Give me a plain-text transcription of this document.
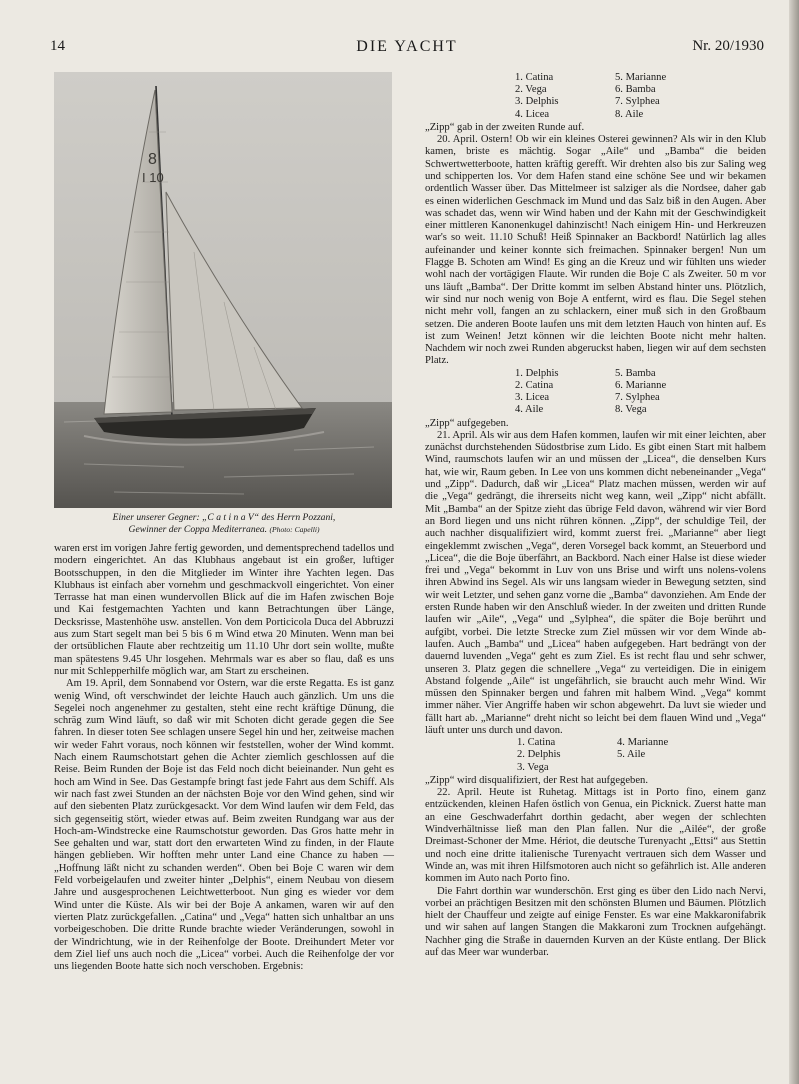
14	DIE YACHT	Nr. 20/1930
8
I 10
Einer unserer Gegner: „C a t i n a V“ des Herrn Pozzani,
Gewinner der Coppa Mediterranea. (Photo: Capelli)

waren erst im vorigen Jahre fertig geworden, und dementsprechend tadellos und modern eingerichtet. An das Klubhaus angebaut ist ein großer, luftiger Bootsschuppen, in den die Mitglieder im Winter ihre Yachten legen. Das Klubhaus ist einfach aber vornehm und geschmackvoll eingerichtet. Von einer Terrasse hat man einen wundervollen Blick auf die im Hafen zwischen Boje und Kai festgemachten Yachten und kann Betrachtungen über Länge, Decksrisse, Mastenhöhe usw. anstellen. Von dem Porticicola Duca del Abbruzzi aus zum Start segelt man bei 5 bis 6 m Wind etwa 20 Minuten. Wenn man bei der ortsüblichen Flaute aber rechtzeitig um 11.10 Uhr dort sein wollte, mußte man spätestens 9.45 Uhr losgehen. Mehrmals war es aber so flau, daß es uns nur mit Schlepperhilfe möglich war, am Start zu erscheinen.

Am 19. April, dem Sonnabend vor Ostern, war die erste Regatta. Es ist ganz wenig Wind, oft verschwindet der leichte Hauch auch gänzlich. Um uns die Segelei noch angenehmer zu gestalten, steht eine recht kräftige Dünung, die schräg zum Wind läuft, so daß wir mit Schoten dicht gerade gegen die See fahren. In dieser toten See schlagen unsere Segel hin und her, zeitweise machen wir weder Fahrt voraus, noch können wir feststellen, woher der Wind kommt. Nach einem Raumschotstart gehen die Achter ziemlich geschlossen auf die Reise. Beim Runden der Boje ist das Feld noch dicht beieinander. Nun geht es hoch am Wind in See. Das Gestampfe bringt fast jede Fahrt aus dem Schiff. Als wir nach fast zwei Stunden an der nächsten Boje vor den Wind gehen, sind wir auf den siebenten Platz zurückgesackt. Vor dem Wind laufen wir dem Feld, das sich gegenseitig stört, wieder etwas auf. Beim zweiten Rundgang war aus der Hoch-am-Windstrecke eine Raumschotstur geworden. Das Gros hatte mehr in See gehalten und war, statt dort den erwarteten Wind zu finden, in der Flaute hängen geblieben. Wir hofften mehr unter Land eine Chance zu haben — „Hoffnung läßt nicht zu schanden werden“. Oben bei Boje C waren wir dem Feld vorbeigelaufen und zweiter hinter „Delphis“, einem Neubau von diesem Jahre und ausgesprochenen Leichtwetterboot. Nun ging es wieder vor dem Wind unter die Küste. Als wir bei der Boje A ankamen, waren wir auf den vierten Platz zurückgefallen. „Catina“ und „Vega“ hatten sich unhaltbar an uns vorbeigeschoben. Die dritte Runde brachte wieder Veränderungen, sowohl in der Windrichtung, wie in der Reihenfolge der Boote. Dreihundert Meter vor dem Ziel lief uns auch noch die „Licea“ vorbei. Auch die Reihenfolge der vor uns liegenden Boote hatte sich noch verschoben. Ergebnis:

1. Catina	5. Marianne
2. Vega	6. Bamba
3. Delphis	7. Sylphea
4. Licea	8. Aile

„Zipp“ gab in der zweiten Runde auf.

20. April. Ostern! Ob wir ein kleines Osterei gewinnen? Als wir in den Klub kamen, briste es mächtig. Sogar „Aile“ und „Bamba“ die beiden Schwertwetterboote, hatten kräftig gerefft. Wir drehten also bis zur Saling weg und schipperten los. Vor dem Hafen stand eine schöne See und wir bekamen ordentlich Wasser über. Das Mittelmeer ist salziger als die Nordsee, daher gab es einen widerlichen Geschmack im Mund und das Salz biß in den Augen. Aber was schadet das, wenn wir Wind haben und der Kahn mit der Geschwindigkeit einer mittleren Kanonenkugel dahinzischt! Nach einigem Hin- und Herkreuzen war's so weit. 11.10 Schuß! Heiß Spinnaker an Backbord! Natürlich lag alles aufeinander und keiner konnte sich freimachen. Spinnaker bergen! Nun um Flagge B. Schoten am Wind! Es ging an die Kreuz und wir fühlten uns wieder wohl nach der vortägigen Flaute. Wir runden die Boje C als Zweiter. 50 m vor uns läuft „Bamba“. Der Dritte kommt im selben Abstand hinter uns. Plötzlich, wir sind nur noch wenig von Boje A entfernt, wird es flau. Die Segel stehen nicht mehr voll, fangen an zu schlackern, einer muß sich in den Großbaum setzen. Die anderen Boote laufen uns mit dem letzten Hauch von hinten auf. Es ist zum Weinen! Jetzt können wir die leichten Boote nicht mehr halten. Nachdem wir noch zwei Runden abgeruckst haben, liegen wir auf dem sechsten Platz.

1. Delphis	5. Bamba
2. Catina	6. Marianne
3. Licea	7. Sylphea
4. Aile	8. Vega

„Zipp“ aufgegeben.

21. April. Als wir aus dem Hafen kommen, laufen wir mit einer leichten, aber zunächst durchstehenden Südostbrise zum Lido. Es gibt einen Start mit halbem Wind, raumschots laufen wir an und müssen der „Licea“, die denselben Kurs hat, wie wir, Raum geben. In Lee von uns kommen dicht nebeneinander „Vega“ und „Zipp“. Dadurch, daß wir „Licea“ Platz machen müssen, werden wir auf die „Vega“ gedrängt, die ihrerseits nicht weg kann, weil „Zipp“ nicht abfällt. Mit „Bamba“ an der Spitze zieht das übrige Feld davon, während wir vier Bord an Bord liegen und uns nicht rühren können. „Zipp“, der schuldige Teil, der auch nachher disqualifiziert wird, kommt zuerst frei. „Marianne“ aber liegt eingeklemmt zwischen „Vega“, deren Vorsegel back kommt, an Steuerbord und „Licea“, die die Boje überfährt, an Backbord. Nach einer Halse ist diese wieder frei und „Vega“ bekommt in Luv von uns Brise und wirft uns nolens-volens ihren Abwind ins Segel. Als wir uns langsam wieder in Bewegung setzten, sind wir weit Letzter, und sehen ganz vorne die „Bamba“ davonziehen. Am Ende der ersten Runde haben wir den Anschluß wieder. In der zweiten und dritten Runde laufen wir „Aile“, „Vega“ und „Sylphea“, die später die Boje berührt und aufgibt, vorbei. Die letzte Strecke zum Ziel müssen wir vor dem Winde ablaufen. Auch „Bamba“ und „Licea“ haben aufgegeben. Hart bedrängt von der dauernd luvenden „Vega“ geht es zum Ziel. Es ist recht flau und sehr schwer, unseren 3. Platz gegen die schnellere „Vega“ zu verteidigen. Die in einigem Abstand folgende „Aile“ ist ungefährlich, sie braucht auch mehr Wind. Wir müssen den Spinnaker bergen und fahren mit halbem Wind. „Vega“ kommt immer näher. Vier Angriffe haben wir schon abgewehrt. Da luvt sie wieder und fällt hart ab. „Marianne“ dreht nicht so leicht bei dem flauen Wind und „Vega“ läuft unter uns durch und davon.

1. Catina	4. Marianne
2. Delphis	5. Aile
3. Vega

„Zipp“ wird disqualifiziert, der Rest hat aufgegeben.

22. April. Heute ist Ruhetag. Mittags ist in Porto fino, einem ganz entzückenden, kleinen Hafen östlich von Genua, ein Picknick. Zuerst hatte man an eine Geschwaderfahrt dorthin gedacht, aber wegen der schlechten Windverhältnisse ließ man den Plan fallen. Nur die „Ailée“, der große Dreimast-Schoner der Mme. Hériot, die deutsche Turenyacht „Ettsi“ aus Stettin und noch eine dritte italienische Turenyacht vertrauen sich dem Wasser und Winde an, was mit ihren Hilfsmotoren auch nicht so gefährlich ist. Alle anderen kommen im Auto nach Porto fino.

Die Fahrt dorthin war wunderschön. Erst ging es über den Lido nach Nervi, vorbei an prächtigen Besitzen mit den schönsten Blumen und Bäumen. Plötzlich hielt der Chauffeur und zeigte auf einige Fenster. Es war eine Makkaronifabrik und wir sahen auf langen Stangen die Makkaroni zum Trocknen aufgehängt. Nachher ging die Straße in dauernden Kurven an der Küste entlang. Der Blick auf das Meer war wunderbar.
